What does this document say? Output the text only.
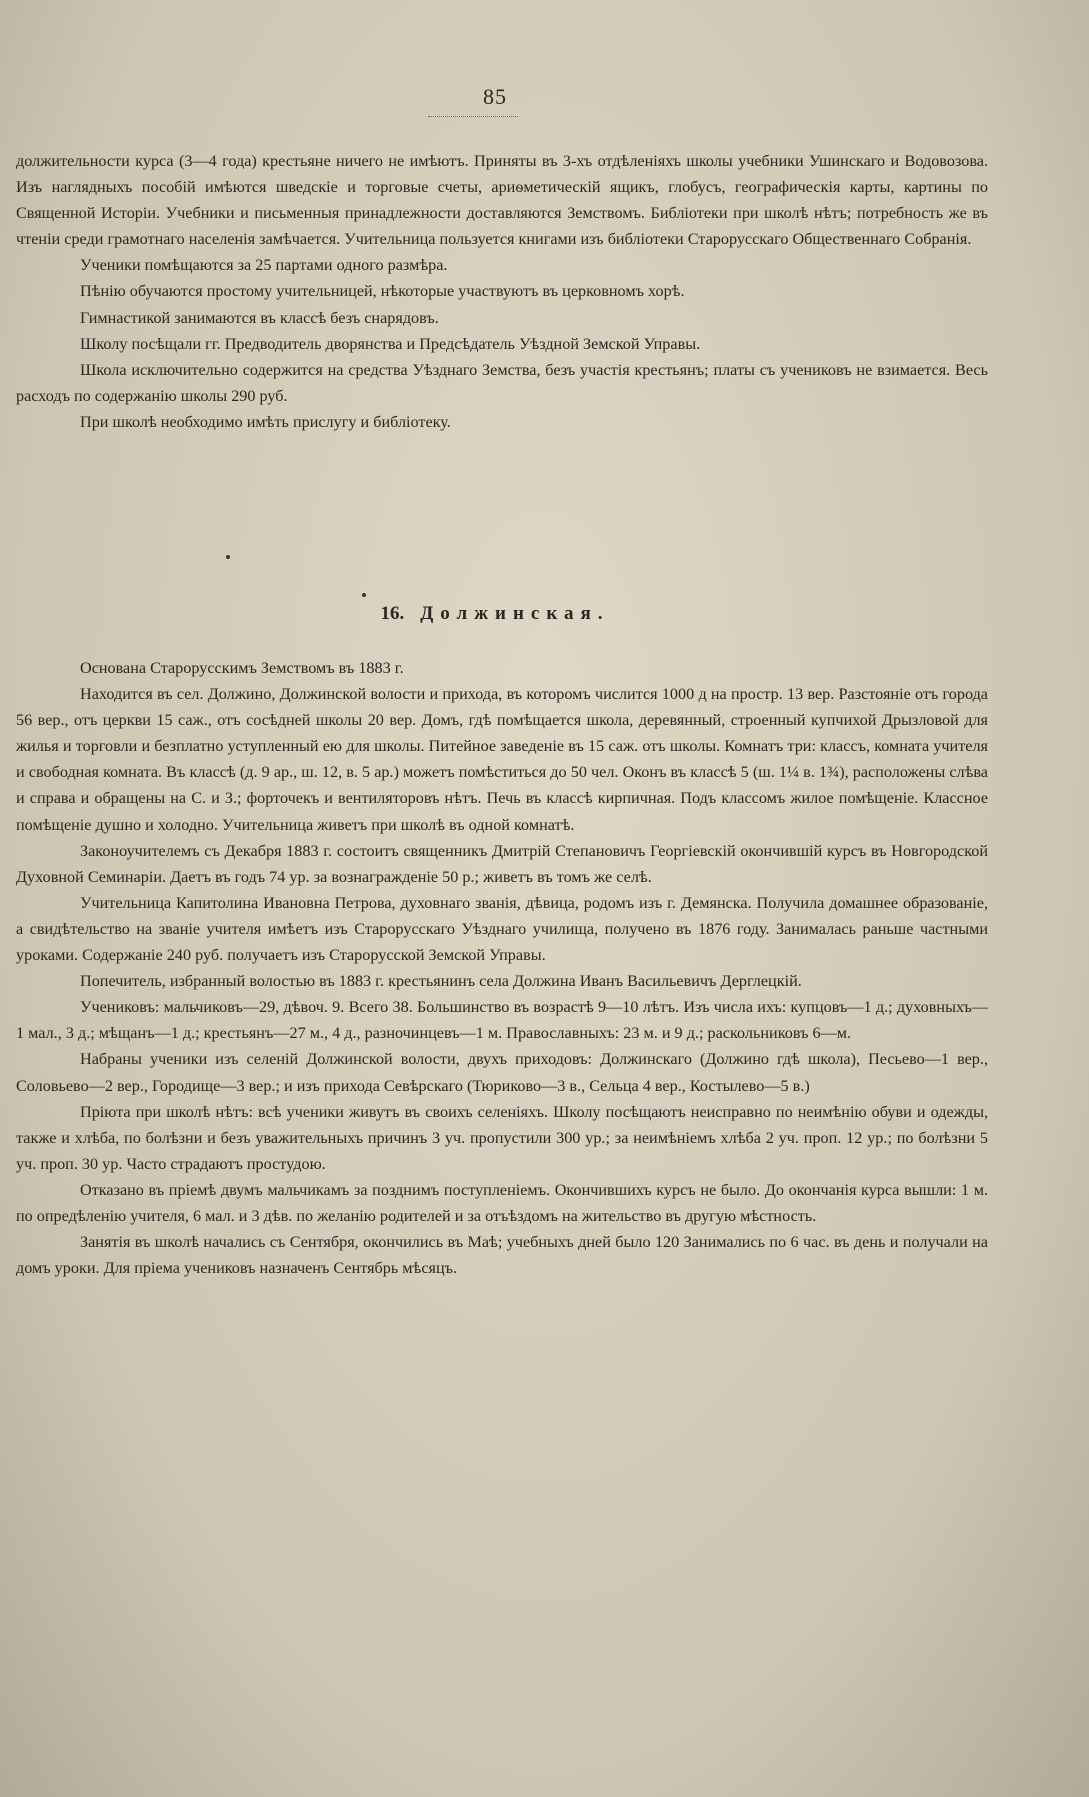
85

должительности курса (3—4 года) крестьяне ничего не имѣютъ. Приняты въ 3-хъ отдѣленіяхъ школы учебники Ушинскаго и Водовозова. Изъ наглядныхъ пособій имѣются шведскіе и торговые счеты, ариѳметическій ящикъ, глобусъ, географическія карты, картины по Священной Исторіи. Учебники и письменныя принадлежности доставляются Земствомъ. Библіотеки при школѣ нѣтъ; потребность же въ чтеніи среди грамотнаго населенія замѣчается. Учительница пользуется книгами изъ библіотеки Старорусскаго Общественнаго Собранія.

Ученики помѣщаются за 25 партами одного размѣра.

Пѣнію обучаются простому учительницей, нѣкоторые участвуютъ въ церковномъ хорѣ.

Гимнастикой занимаются въ классѣ безъ снарядовъ.

Школу посѣщали гг. Предводитель дворянства и Предсѣдатель Уѣздной Земской Управы.

Школа исключительно содержится на средства Уѣзднаго Земства, безъ участія крестьянъ; платы съ учениковъ не взимается. Весь расходъ по содержанію школы 290 руб.

При школѣ необходимо имѣть прислугу и библіотеку.

16. Должинская.

Основана Старорусскимъ Земствомъ въ 1883 г.

Находится въ сел. Должино, Должинской волости и прихода, въ которомъ числится 1000 д на простр. 13 вер. Разстояніе отъ города 56 вер., отъ церкви 15 саж., отъ сосѣдней школы 20 вер. Домъ, гдѣ помѣщается школа, деревянный, строенный купчихой Дрызловой для жилья и торговли и безплатно уступленный ею для школы. Питейное заведеніе въ 15 саж. отъ школы. Комнатъ три: классъ, комната учителя и свободная комната. Въ классѣ (д. 9 ар., ш. 12, в. 5 ар.) можетъ помѣститься до 50 чел. Оконъ въ классѣ 5 (ш. 1¼ в. 1¾), расположены слѣва и справа и обращены на С. и З.; форточекъ и вентиляторовъ нѣтъ. Печь въ классѣ кирпичная. Подъ классомъ жилое помѣщеніе. Классное помѣщеніе душно и холодно. Учительница живетъ при школѣ въ одной комнатѣ.

Законоучителемъ съ Декабря 1883 г. состоитъ священникъ Дмитрій Степановичъ Георгіевскій окончившій курсъ въ Новгородской Духовной Семинаріи. Даетъ въ годъ 74 ур. за вознагражденіе 50 р.; живетъ въ томъ же селѣ.

Учительница Капитолина Ивановна Петрова, духовнаго званія, дѣвица, родомъ изъ г. Демянска. Получила домашнее образованіе, а свидѣтельство на званіе учителя имѣетъ изъ Старорусскаго Уѣзднаго училища, получено въ 1876 году. Занималась раньше частными уроками. Содержаніе 240 руб. получаетъ изъ Старорусской Земской Управы.

Попечитель, избранный волостью въ 1883 г. крестьянинъ села Должина Иванъ Васильевичъ Дерглецкій.

Учениковъ: мальчиковъ—29, дѣвоч. 9. Всего 38. Большинство въ возрастѣ 9—10 лѣтъ. Изъ числа ихъ: купцовъ—1 д.; духовныхъ—1 мал., 3 д.; мѣщанъ—1 д.; крестьянъ—27 м., 4 д., разночинцевъ—1 м. Православныхъ: 23 м. и 9 д.; раскольниковъ 6—м.

Набраны ученики изъ селеній Должинской волости, двухъ приходовъ: Должинскаго (Должино гдѣ школа), Песьево—1 вер., Соловьево—2 вер., Городище—3 вер.; и изъ прихода Севѣрскаго (Тюриково—3 в., Сельца 4 вер., Костылево—5 в.)

Пріюта при школѣ нѣтъ: всѣ ученики живутъ въ своихъ селеніяхъ. Школу посѣщаютъ неисправно по неимѣнію обуви и одежды, также и хлѣба, по болѣзни и безъ уважительныхъ причинъ 3 уч. пропустили 300 ур.; за неимѣніемъ хлѣба 2 уч. проп. 12 ур.; по болѣзни 5 уч. проп. 30 ур. Часто страдаютъ простудою.

Отказано въ пріемѣ двумъ мальчикамъ за позднимъ поступленіемъ. Окончившихъ курсъ не было. До окончанія курса вышли: 1 м. по опредѣленію учителя, 6 мал. и 3 дѣв. по желанію родителей и за отъѣздомъ на жительство въ другую мѣстность.

Занятія въ школѣ начались съ Сентября, окончились въ Маѣ; учебныхъ дней было 120 Занимались по 6 час. въ день и получали на домъ уроки. Для пріема учениковъ назначенъ Сентябрь мѣсяцъ.
